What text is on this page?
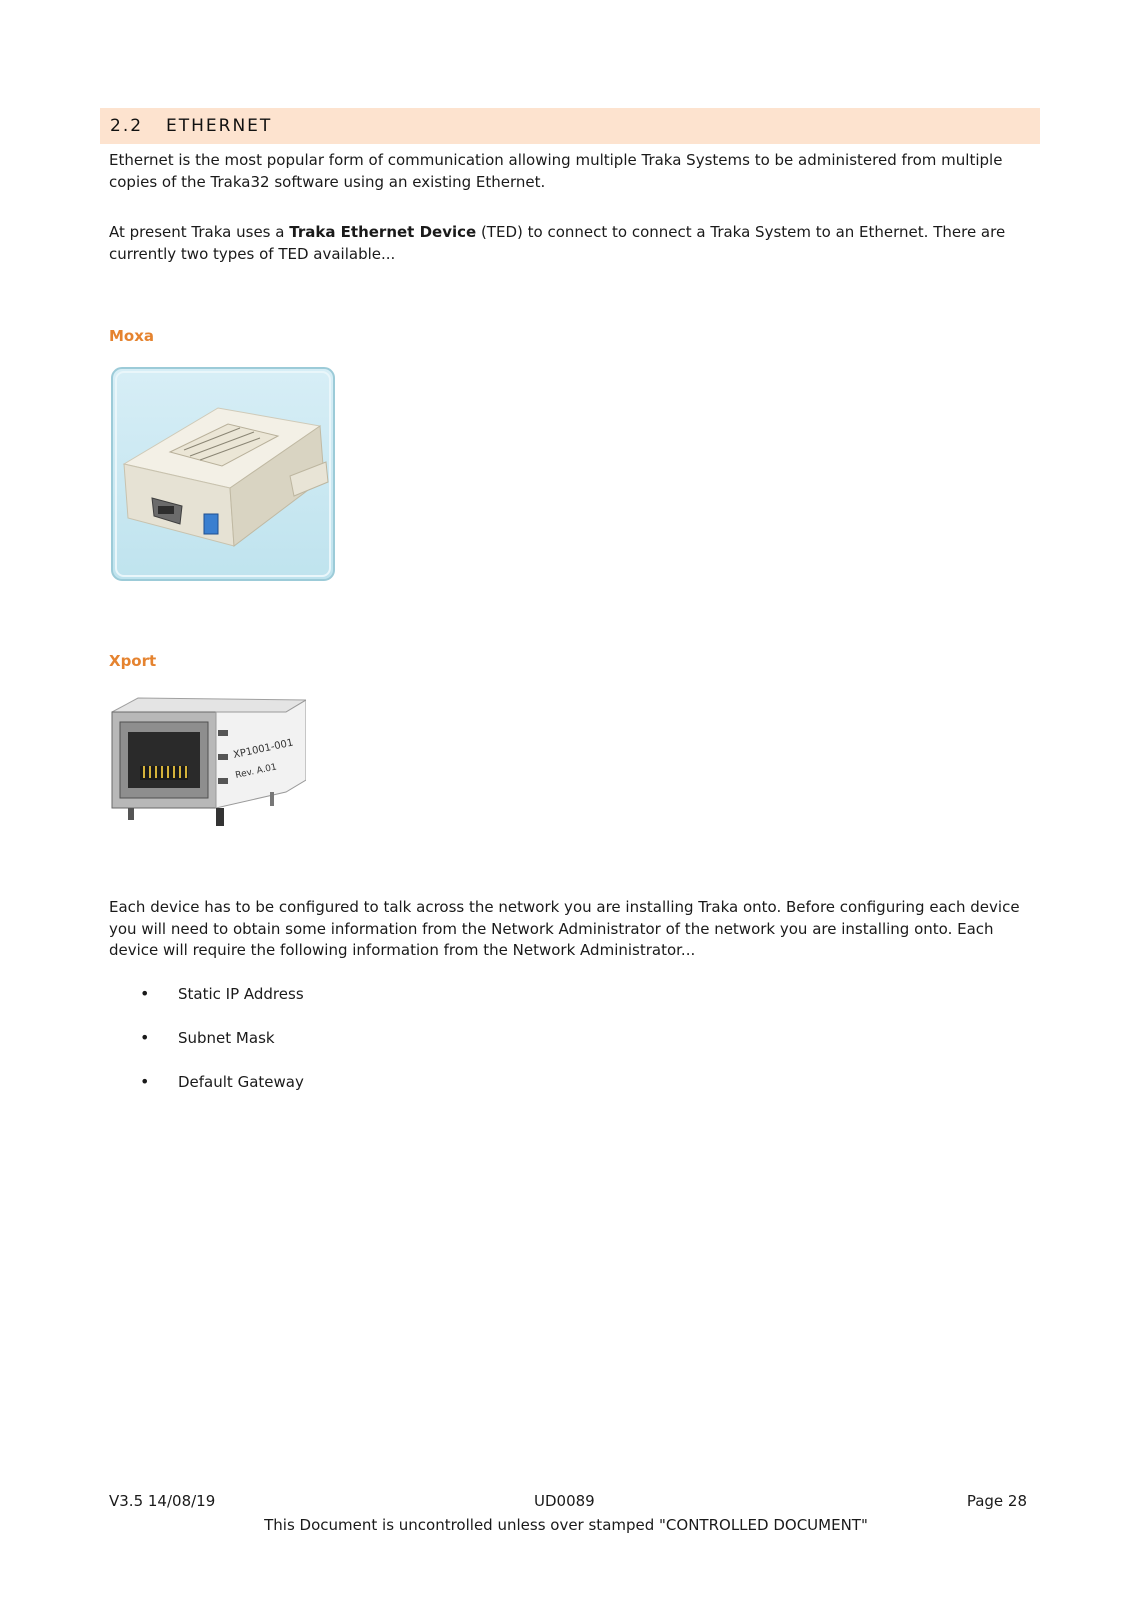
2.2	ETHERNET

Ethernet is the most popular form of communication allowing multiple Traka Systems to be administered from multiple copies of the Traka32 software using an existing Ethernet.

At present Traka uses a Traka Ethernet Device (TED) to connect to connect a Traka System to an Ethernet. There are currently two types of TED available...

Moxa
Xport
XP1001-001
Rev. A.01

Each device has to be configured to talk across the network you are installing Traka onto. Before configuring each device you will need to obtain some information from the Network Administrator of the network you are installing onto. Each device will require the following information from the Network Administrator...

•	Static IP Address
•	Subnet Mask
•	Default Gateway
V3.5 14/08/19	UD0089	Page 28
This Document is uncontrolled unless over stamped "CONTROLLED DOCUMENT"
